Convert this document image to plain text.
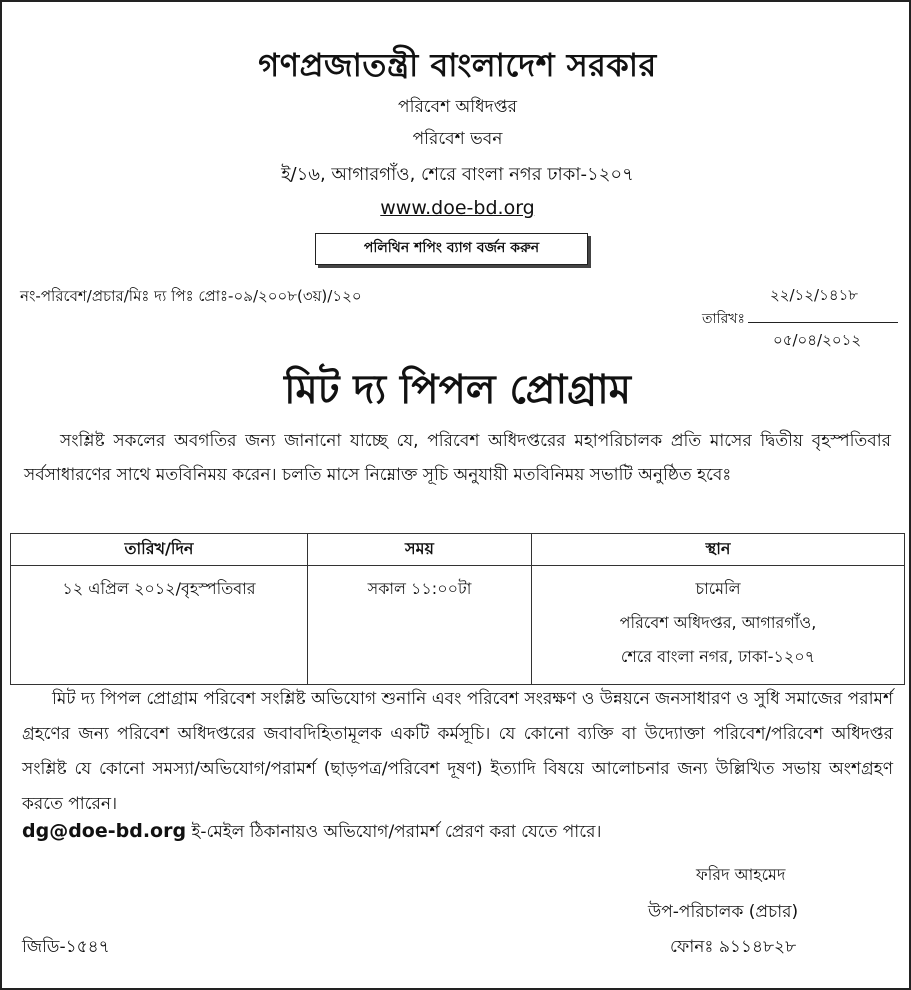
গণপ্রজাতন্ত্রী বাংলাদেশ সরকার
পরিবেশ অধিদপ্তর
পরিবেশ ভবন
ই/১৬, আগারগাঁও, শেরে বাংলা নগর ঢাকা-১২০৭
www.doe-bd.org
পলিথিন শপিং ব্যাগ বর্জন করুন
নং-পরিবেশ/প্রচার/মিঃ দ্য পিঃ প্রোঃ-০৯/২০০৮(৩য়)/১২০	২২/১২/১৪১৮
তারিখঃ
০৫/০৪/২০১২
মিট দ্য পিপল প্রোগ্রাম
সংশ্লিষ্ট সকলের অবগতির জন্য জানানো যাচ্ছে যে, পরিবেশ অধিদপ্তরের মহাপরিচালক প্রতি মাসের দ্বিতীয় বৃহস্পতিবার সর্বসাধারণের সাথে মতবিনিময় করেন। চলতি মাসে নিম্নোক্ত সূচি অনুযায়ী মতবিনিময় সভাটি অনুষ্ঠিত হবেঃ
তারিখ/দিন	সময়	স্থান
১২ এপ্রিল ২০১২/বৃহস্পতিবার	সকাল ১১:০০টা	চামেলি
পরিবেশ অধিদপ্তর, আগারগাঁও,
শেরে বাংলা নগর, ঢাকা-১২০৭
মিট দ্য পিপল প্রোগ্রাম পরিবেশ সংশ্লিষ্ট অভিযোগ শুনানি এবং পরিবেশ সংরক্ষণ ও উন্নয়নে জনসাধারণ ও সুধি সমাজের পরামর্শ গ্রহণের জন্য পরিবেশ অধিদপ্তরের জবাবদিহিতামূলক একটি কর্মসূচি। যে কোনো ব্যক্তি বা উদ্যোক্তা পরিবেশ/পরিবেশ অধিদপ্তর সংশ্লিষ্ট যে কোনো সমস্যা/অভিযোগ/পরামর্শ (ছাড়পত্র/পরিবেশ দূষণ) ইত্যাদি বিষয়ে আলোচনার জন্য উল্লিখিত সভায় অংশগ্রহণ করতে পারেন।
dg@doe-bd.org ই-মেইল ঠিকানায়ও অভিযোগ/পরামর্শ প্রেরণ করা যেতে পারে।
ফরিদ আহমেদ
উপ-পরিচালক (প্রচার)
জিডি-১৫৪৭	ফোনঃ ৯১১৪৮২৮
